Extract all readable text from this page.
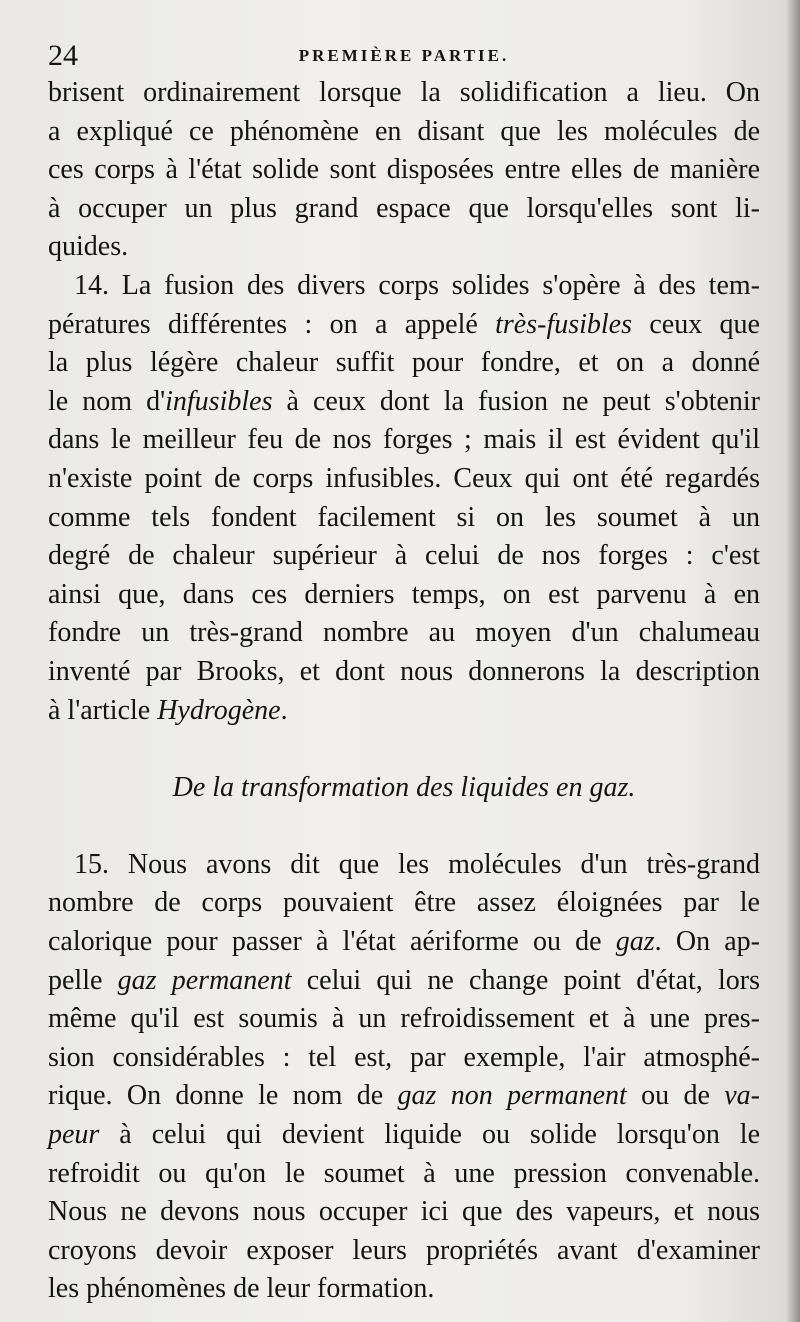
24	PREMIÈRE PARTIE.
brisent ordinairement lorsque la solidification a lieu. On
a expliqué ce phénomène en disant que les molécules de
ces corps à l'état solide sont disposées entre elles de manière
à occuper un plus grand espace que lorsqu'elles sont li-
quides.
14. La fusion des divers corps solides s'opère à des tem-
pératures différentes : on a appelé très-fusibles ceux que
la plus légère chaleur suffit pour fondre, et on a donné
le nom d'infusibles à ceux dont la fusion ne peut s'obtenir
dans le meilleur feu de nos forges ; mais il est évident qu'il
n'existe point de corps infusibles. Ceux qui ont été regardés
comme tels fondent facilement si on les soumet à un
degré de chaleur supérieur à celui de nos forges : c'est
ainsi que, dans ces derniers temps, on est parvenu à en
fondre un très-grand nombre au moyen d'un chalumeau
inventé par Brooks, et dont nous donnerons la description
à l'article Hydrogène.
De la transformation des liquides en gaz.
15. Nous avons dit que les molécules d'un très-grand
nombre de corps pouvaient être assez éloignées par le
calorique pour passer à l'état aériforme ou de gaz. On ap-
pelle gaz permanent celui qui ne change point d'état, lors
même qu'il est soumis à un refroidissement et à une pres-
sion considérables : tel est, par exemple, l'air atmosphé-
rique. On donne le nom de gaz non permanent ou de va-
peur à celui qui devient liquide ou solide lorsqu'on le
refroidit ou qu'on le soumet à une pression convenable.
Nous ne devons nous occuper ici que des vapeurs, et nous
croyons devoir exposer leurs propriétés avant d'examiner
les phénomènes de leur formation.
